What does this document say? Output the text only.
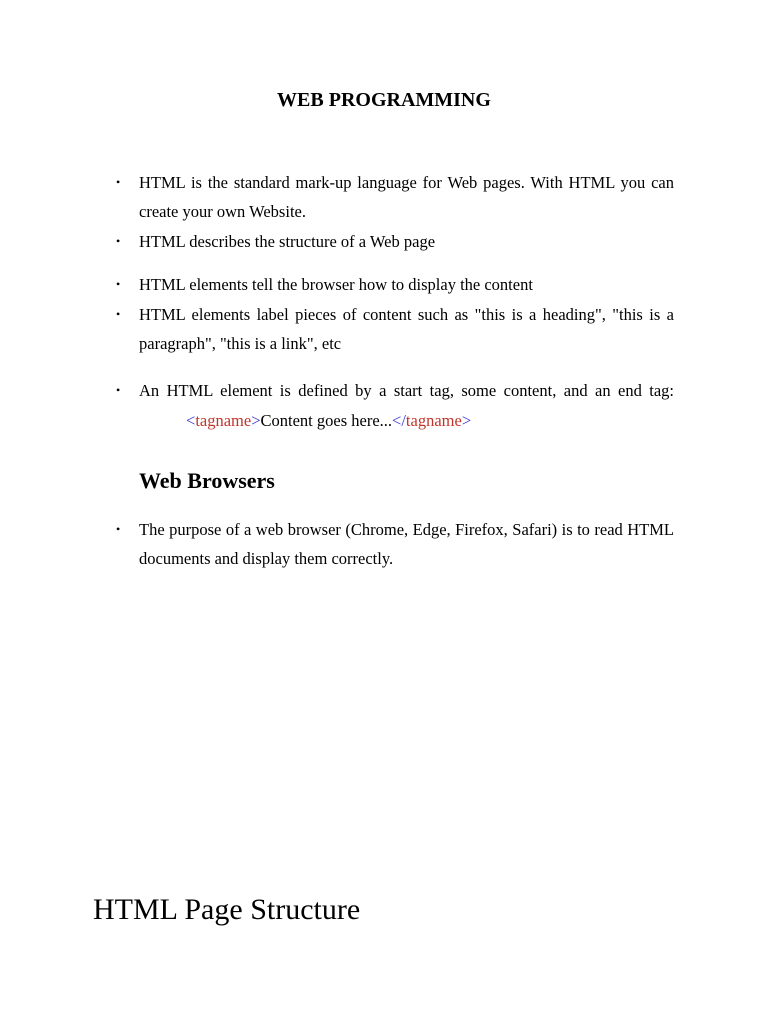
WEB PROGRAMMING
• HTML is the standard mark-up language for Web pages. With HTML you can create your own Website.
• HTML describes the structure of a Web page
• HTML elements tell the browser how to display the content
• HTML elements label pieces of content such as "this is a heading", "this is a paragraph", "this is a link", etc
• An HTML element is defined by a start tag, some content, and an end tag:
<tagname>Content goes here...</tagname>
Web Browsers
• The purpose of a web browser (Chrome, Edge, Firefox, Safari) is to read HTML documents and display them correctly.
HTML Page Structure
